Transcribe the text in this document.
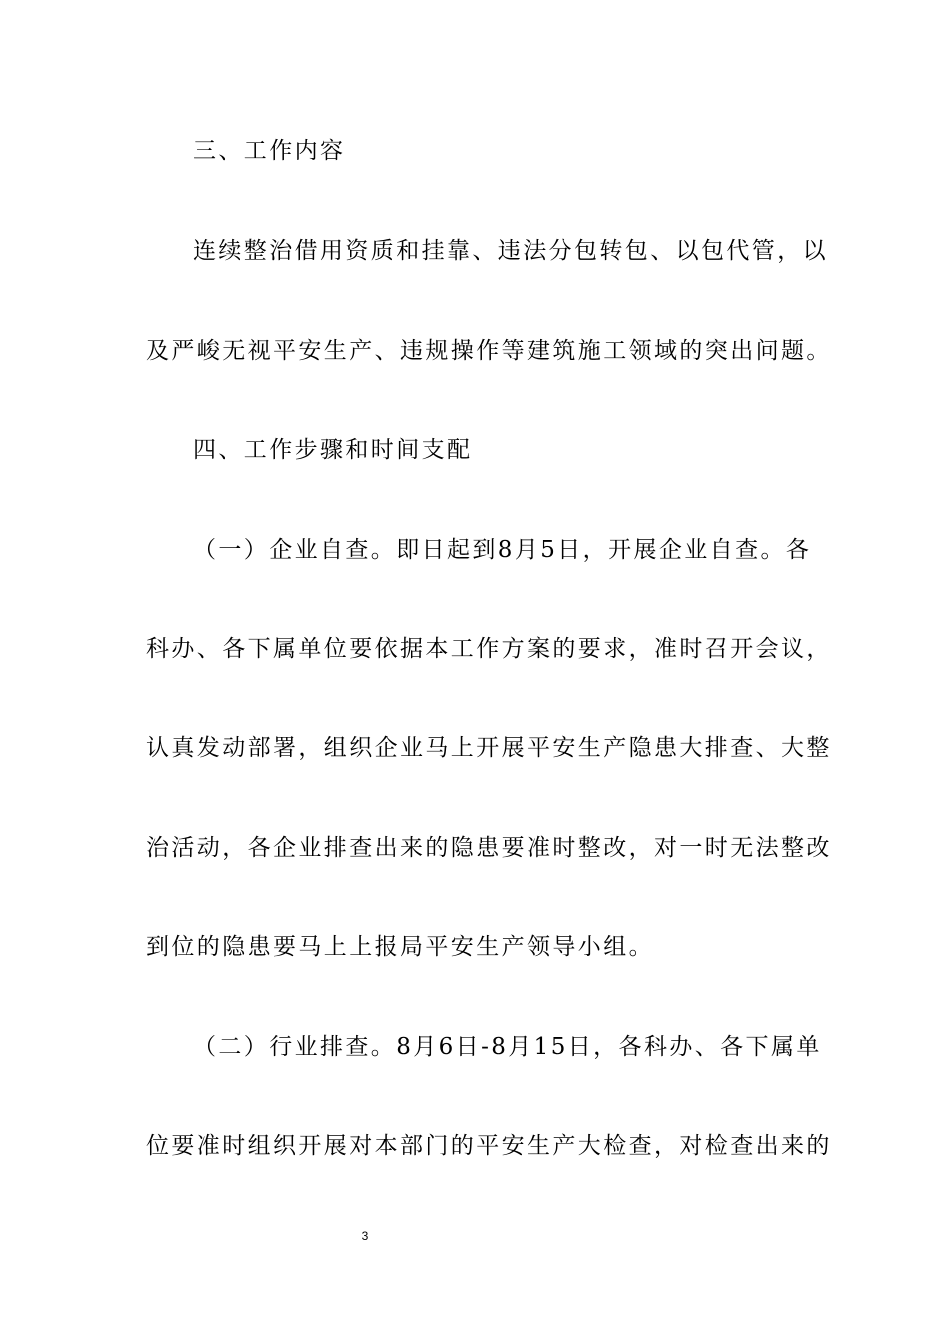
三、工作内容
连续整治借用资质和挂靠、违法分包转包、以包代管，以
及严峻无视平安生产、违规操作等建筑施工领域的突出问题。
四、工作步骤和时间支配
（一）企业自查。即日起到8月5日，开展企业自查。各
科办、各下属单位要依据本工作方案的要求，准时召开会议，
认真发动部署，组织企业马上开展平安生产隐患大排查、大整
治活动，各企业排查出来的隐患要准时整改，对一时无法整改
到位的隐患要马上上报局平安生产领导小组。
（二）行业排查。8月6日-8月15日，各科办、各下属单
位要准时组织开展对本部门的平安生产大检查，对检查出来的
3
